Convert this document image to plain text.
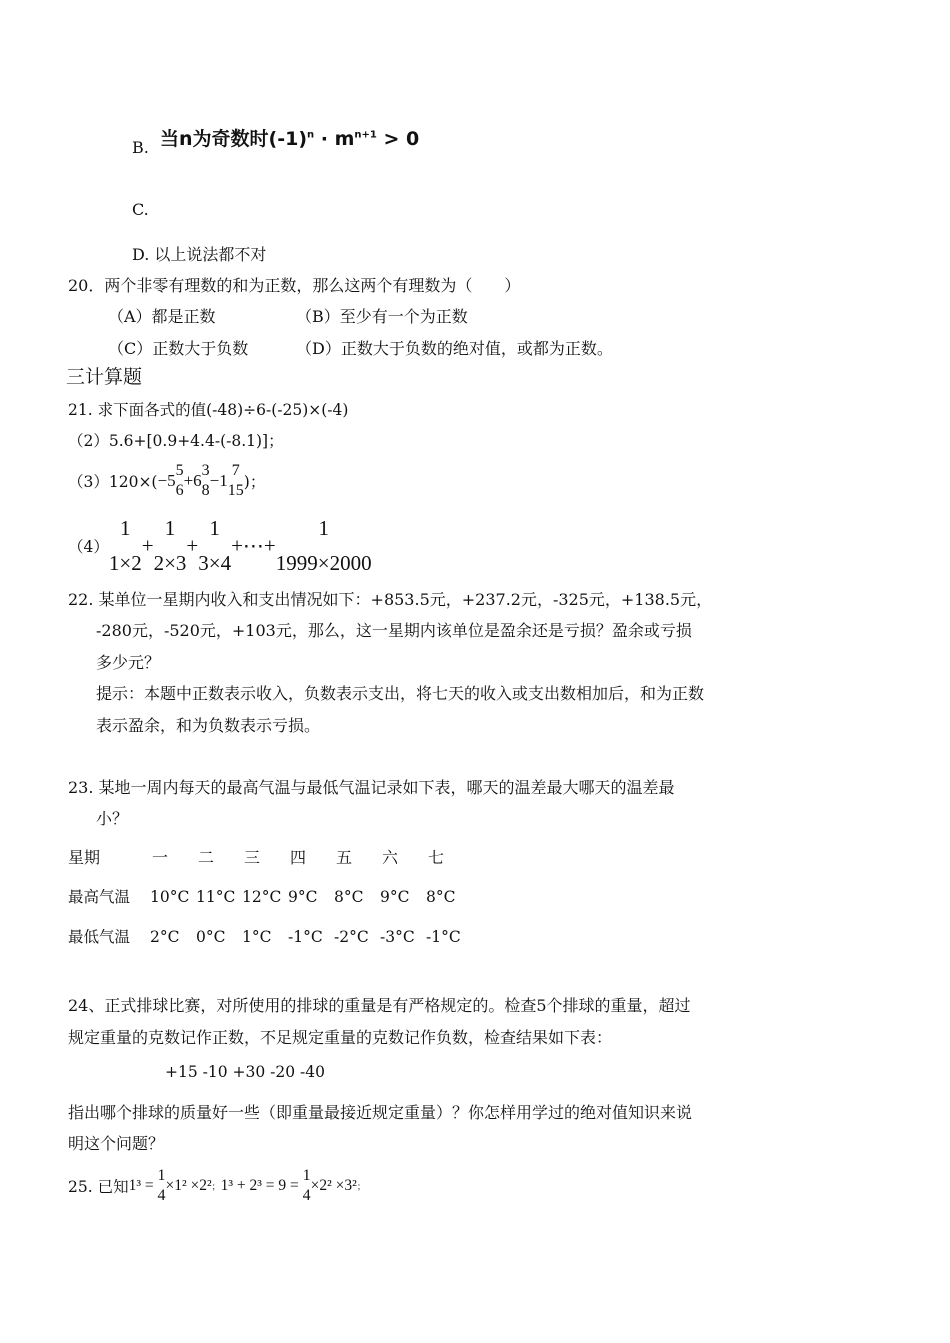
B. 当n为奇数时$(-1)^n \cdot m^{n+1} > 0$
C.
D. 以上说法都不对
20．两个非零有理数的和为正数，那么这两个有理数为（　　）
（A）都是正数	（B）至少有一个为正数
（C）正数大于负数	（D）正数大于负数的绝对值，或都为正数。
三计算题
21. 求下面各式的值(-48)÷6-(-25)×(-4)
（2）5.6+[0.9+4.4-(-8.1)]；
（3）120×(−5
5
6
+6
3
8
−1
7
15 )；
（4）
1
1×2
+
1
2×3
+
1
3×4
+⋯+
1
1999×2000
22. 某单位一星期内收入和支出情况如下：+853.5元，+237.2元，-325元，+138.5元，
-280元，-520元，+103元，那么，这一星期内该单位是盈余还是亏损？盈余或亏损
多少元？
提示：本题中正数表示收入，负数表示支出，将七天的收入或支出数相加后，和为正数
表示盈余，和为负数表示亏损。
23. 某地一周内每天的最高气温与最低气温记录如下表，哪天的温差最大哪天的温差最
小？
星期	一 二 三 四 五 六 七
最高气温 10°C 11°C 12°C 9°C 8°C 9°C 8°C
最低气温 2°C 0°C 1°C -1°C -2°C -3°C -1°C
24、正式排球比赛，对所使用的排球的重量是有严格规定的。检查5个排球的重量，超过
规定重量的克数记作正数，不足规定重量的克数记作负数，检查结果如下表：
+15 -10 +30 -20 -40
指出哪个排球的质量好一些（即重量最接近规定重量）？你怎样用学过的绝对值知识来说
明这个问题？
25. 已知1³ =
1
4
×1² ×2²；1³ + 2³ = 9 =
1
4
×2² ×3²；
